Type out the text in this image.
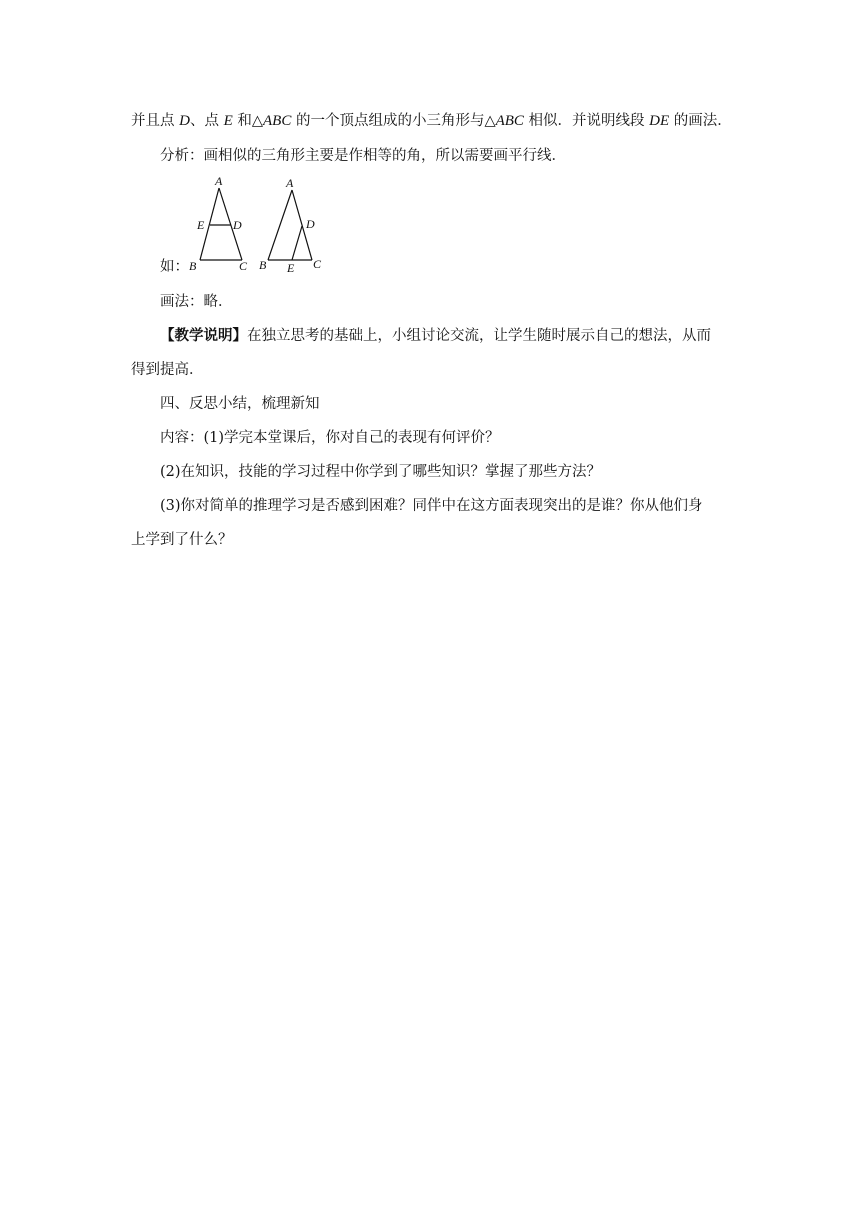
并且点 D、点 E 和△ABC 的一个顶点组成的小三角形与△ABC 相似．并说明线段 DE 的画法．
分析：画相似的三角形主要是作相等的角，所以需要画平行线．
A
E D
B	C
A
D
B E C
如：
画法：略．
【教学说明】在独立思考的基础上，小组讨论交流，让学生随时展示自己的想法，从而
得到提高．
四、反思小结，梳理新知
内容：(1)学完本堂课后，你对自己的表现有何评价？
(2)在知识，技能的学习过程中你学到了哪些知识？掌握了那些方法？
(3)你对简单的推理学习是否感到困难？同伴中在这方面表现突出的是谁？你从他们身
上学到了什么？
